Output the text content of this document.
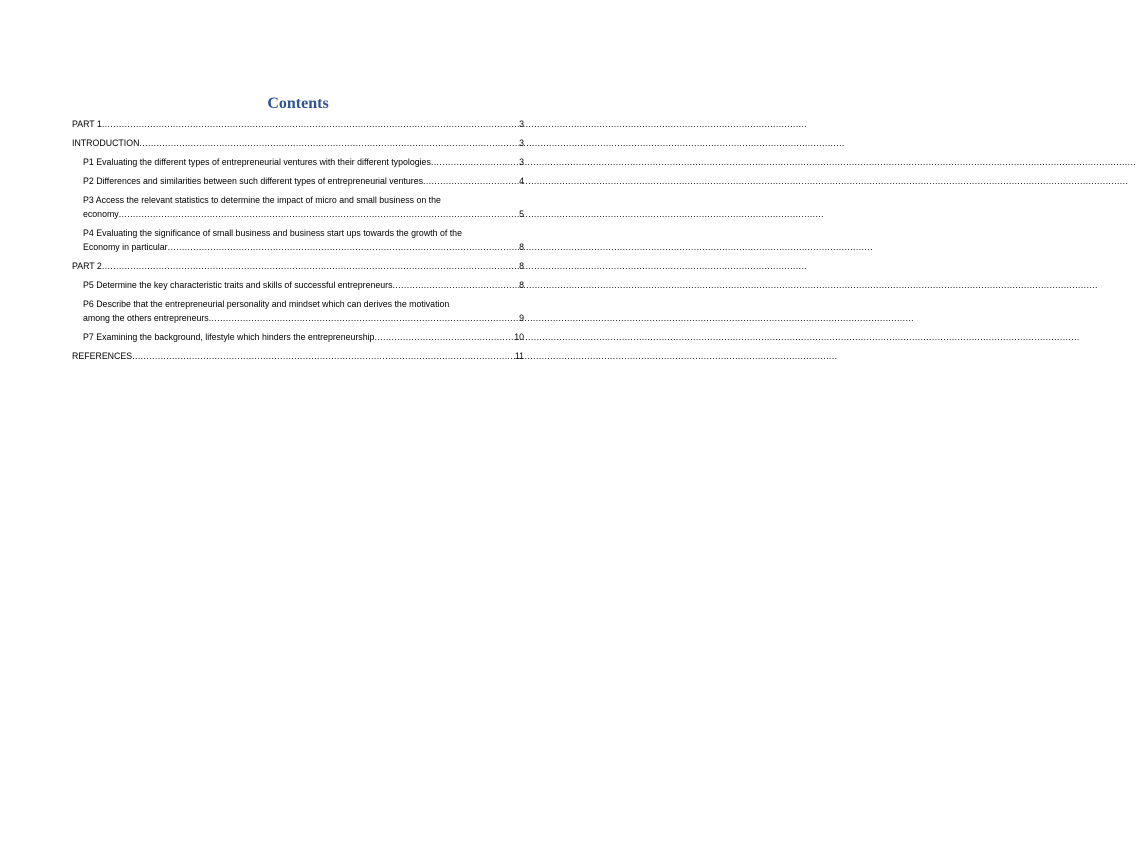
Contents
PART 1 .....	3
INTRODUCTION .....	3
P1 Evaluating the different types of entrepreneurial ventures with their different typologies .....	3
P2 Differences and similarities between such different types of entrepreneurial ventures .....	4
P3 Access the relevant statistics to determine the impact of micro and small business on the
economy .....	5
P4 Evaluating the significance of small business and business start ups towards the growth of the
Economy in particular .....	8
PART 2 .....	8
P5 Determine the key characteristic traits and skills of successful entrepreneurs .....	8
P6 Describe that the entrepreneurial personality and mindset which can derives the motivation
among the others entrepreneurs .....	9
P7 Examining the background, lifestyle which hinders the entrepreneurship .....	10
REFERENCES .....	11
